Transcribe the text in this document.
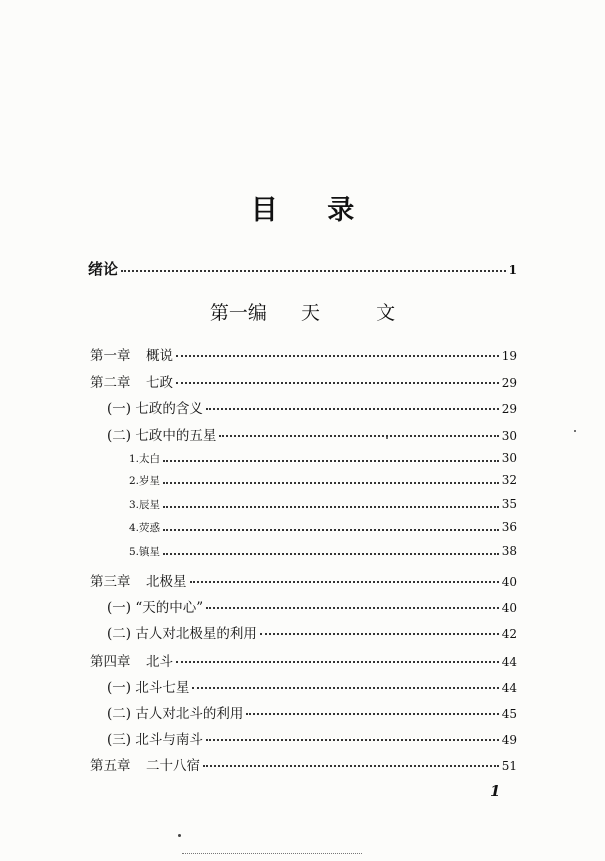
目 录
第一编 天	文
绪论	1
第一章 概说	19
第二章 七政	29
(一) 七政的含义	29
(二) 七政中的五星	30
1.太白	30
2.岁星	32
3.辰星	35
4.荧惑	36
5.镇星	38
第三章 北极星	40
(一) “天的中心”	40
(二) 古人对北极星的利用	42
第四章 北斗	44
(一) 北斗七星	44
(二) 古人对北斗的利用	45
(三) 北斗与南斗	49
第五章 二十八宿	51
1
